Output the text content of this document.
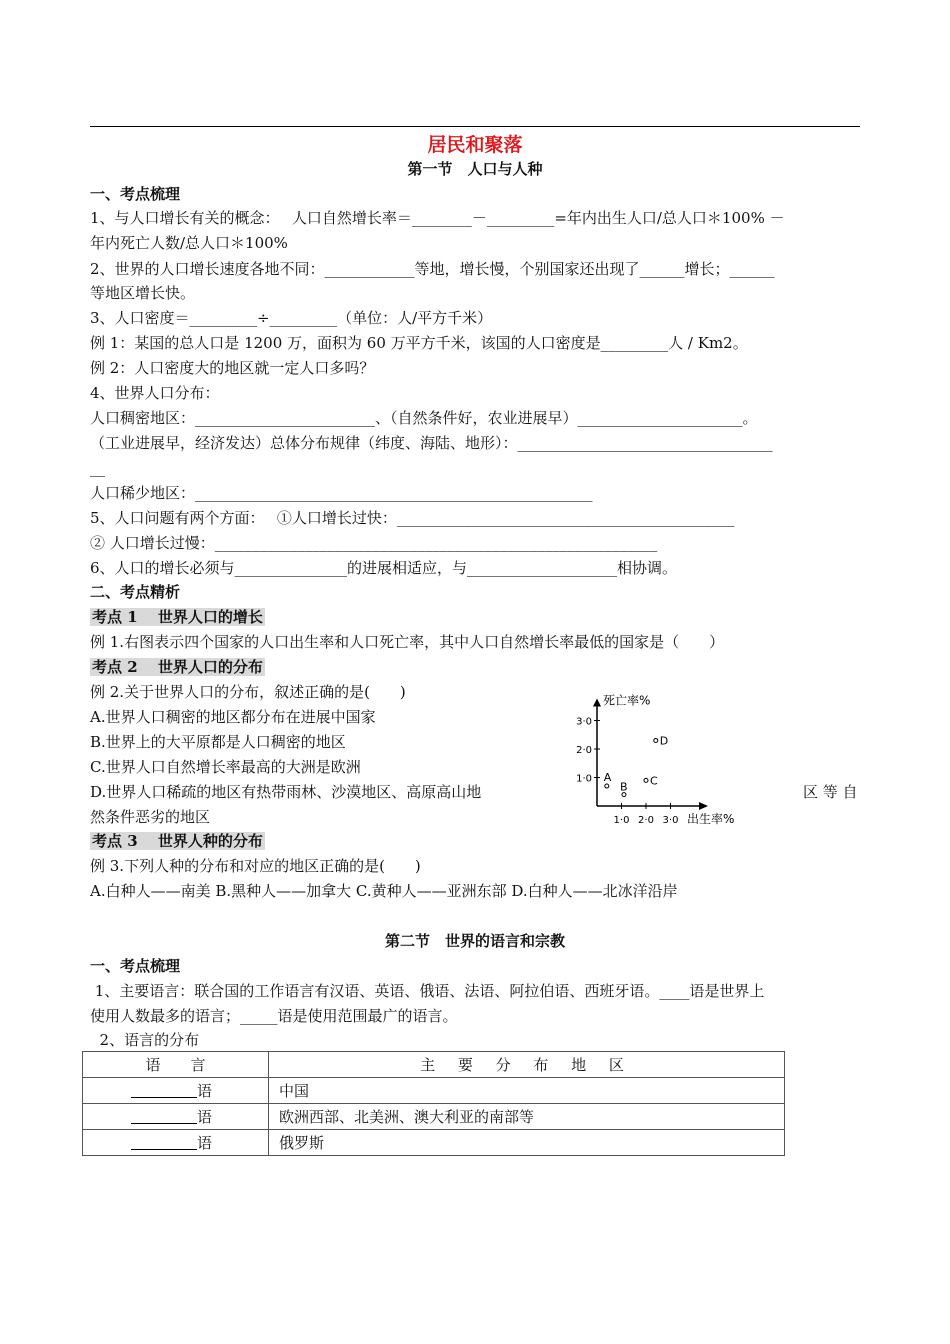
居民和聚落
第一节　人口与人种
一、考点梳理
1、与人口增长有关的概念：　 人口自然增长率＝________－_________=年内出生人口/总人口＊100% －
年内死亡人数/总人口＊100%
2、世界的人口增长速度各地不同：____________等地，增长慢，个别国家还出现了______增长；______
等地区增长快。
3、人口密度＝_________÷_________（单位：人/平方千米）
例 1：某国的总人口是 1200 万，面积为 60 万平方千米，该国的人口密度是_________人 / Km2。
例 2：人口密度大的地区就一定人口多吗？
4、世界人口分布：
人口稠密地区：________________________、（自然条件好，农业进展早）______________________。
（工业进展早，经济发达）总体分布规律（纬度、海陆、地形）：__________________________________
__
人口稀少地区：_____________________________________________________
5、人口问题有两个方面：　 ①人口增长过快：_____________________________________________
② 人口增长过慢：___________________________________________________________
6、人口的增长必须与_______________的进展相适应，与____________________相协调。
二、考点精析
考点 1　 世界人口的增长
例 1.右图表示四个国家的人口出生率和人口死亡率，其中人口自然增长率最低的国家是（　　）
考点 2　 世界人口的分布
例 2.关于世界人口的分布，叙述正确的是(　　)
A.世界人口稠密的地区都分布在进展中国家
B.世界上的大平原都是人口稠密的地区
C.世界人口自然增长率最高的大洲是欧洲
D.世界人口稀疏的地区有热带雨林、沙漠地区、高原高山地	区 等 自
然条件恶劣的地区
考点 3　 世界人种的分布
例 3.下列人种的分布和对应的地区正确的是(　　)
A.白种人——南美 B.黑种人——加拿大 C.黄种人——亚洲东部 D.白种人——北冰洋沿岸
第二节　世界的语言和宗教
一、考点梳理
1、主要语言：联合国的工作语言有汉语、英语、俄语、法语、阿拉伯语、西班牙语。____语是世界上
使用人数最多的语言；_____语是使用范围最广的语言。
2、语言的分布
语　　言	主 要 分 布 地 区
语	中国
语	欧洲西部、北美洲、澳大利亚的南部等
语	俄罗斯
死亡率%
出生率%
1·0 2·0 3·0
1·0
2·0
3·0
A
B C
D
